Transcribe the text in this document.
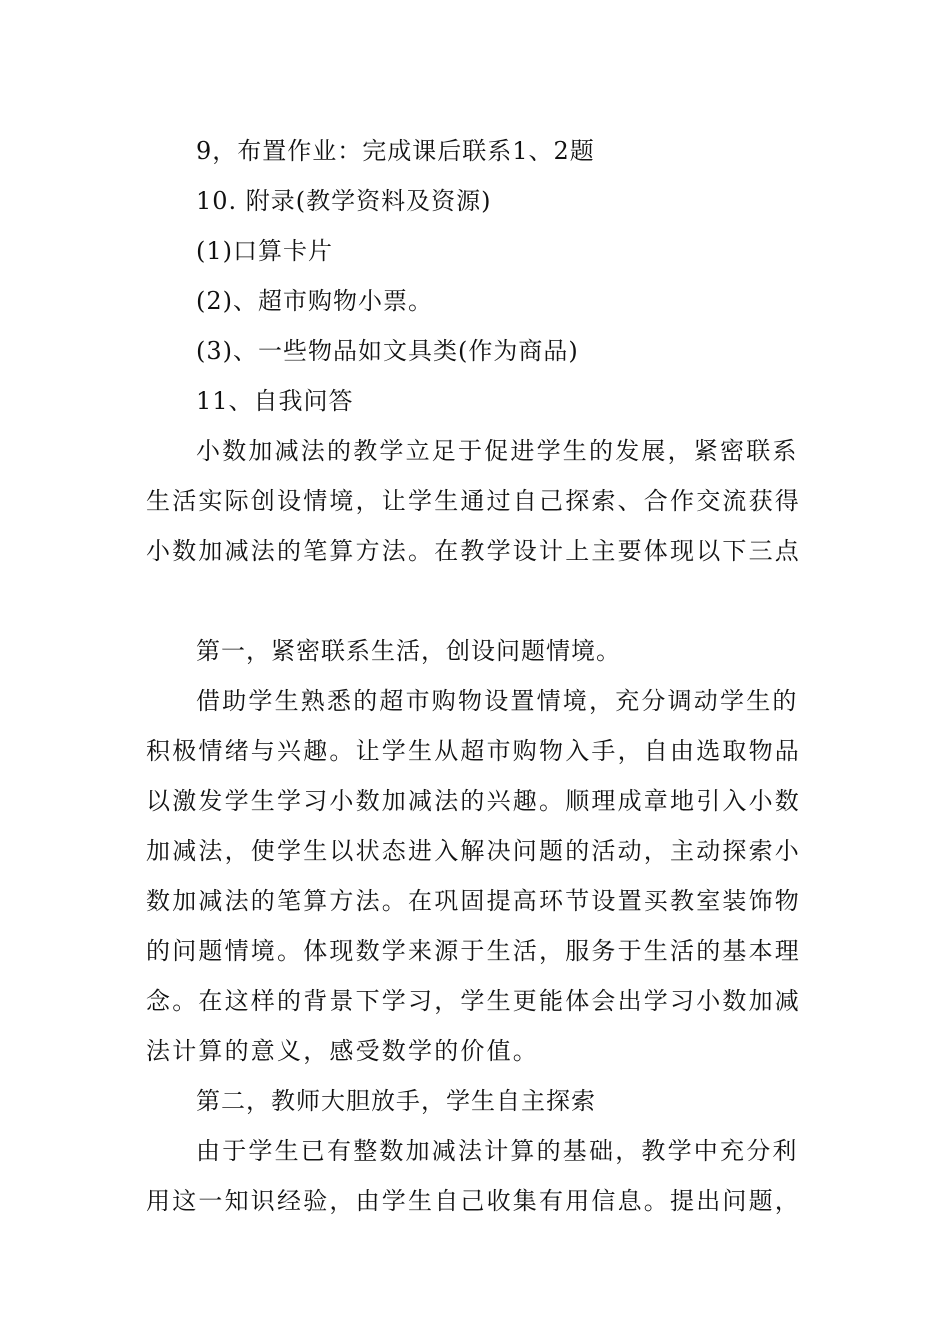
9，布置作业：完成课后联系1、2题
10. 附录(教学资料及资源)
(1)口算卡片
(2)、超市购物小票。
(3)、一些物品如文具类(作为商品)
11、自我问答
小数加减法的教学立足于促进学生的发展，紧密联系
生活实际创设情境，让学生通过自己探索、合作交流获得
小数加减法的笔算方法。在教学设计上主要体现以下三点
第一，紧密联系生活，创设问题情境。
借助学生熟悉的超市购物设置情境，充分调动学生的
积极情绪与兴趣。让学生从超市购物入手，自由选取物品
以激发学生学习小数加减法的兴趣。顺理成章地引入小数
加减法，使学生以状态进入解决问题的活动，主动探索小
数加减法的笔算方法。在巩固提高环节设置买教室装饰物
的问题情境。体现数学来源于生活，服务于生活的基本理
念。在这样的背景下学习，学生更能体会出学习小数加减
法计算的意义，感受数学的价值。
第二，教师大胆放手，学生自主探索
由于学生已有整数加减法计算的基础，教学中充分利
用这一知识经验，由学生自己收集有用信息。提出问题，
